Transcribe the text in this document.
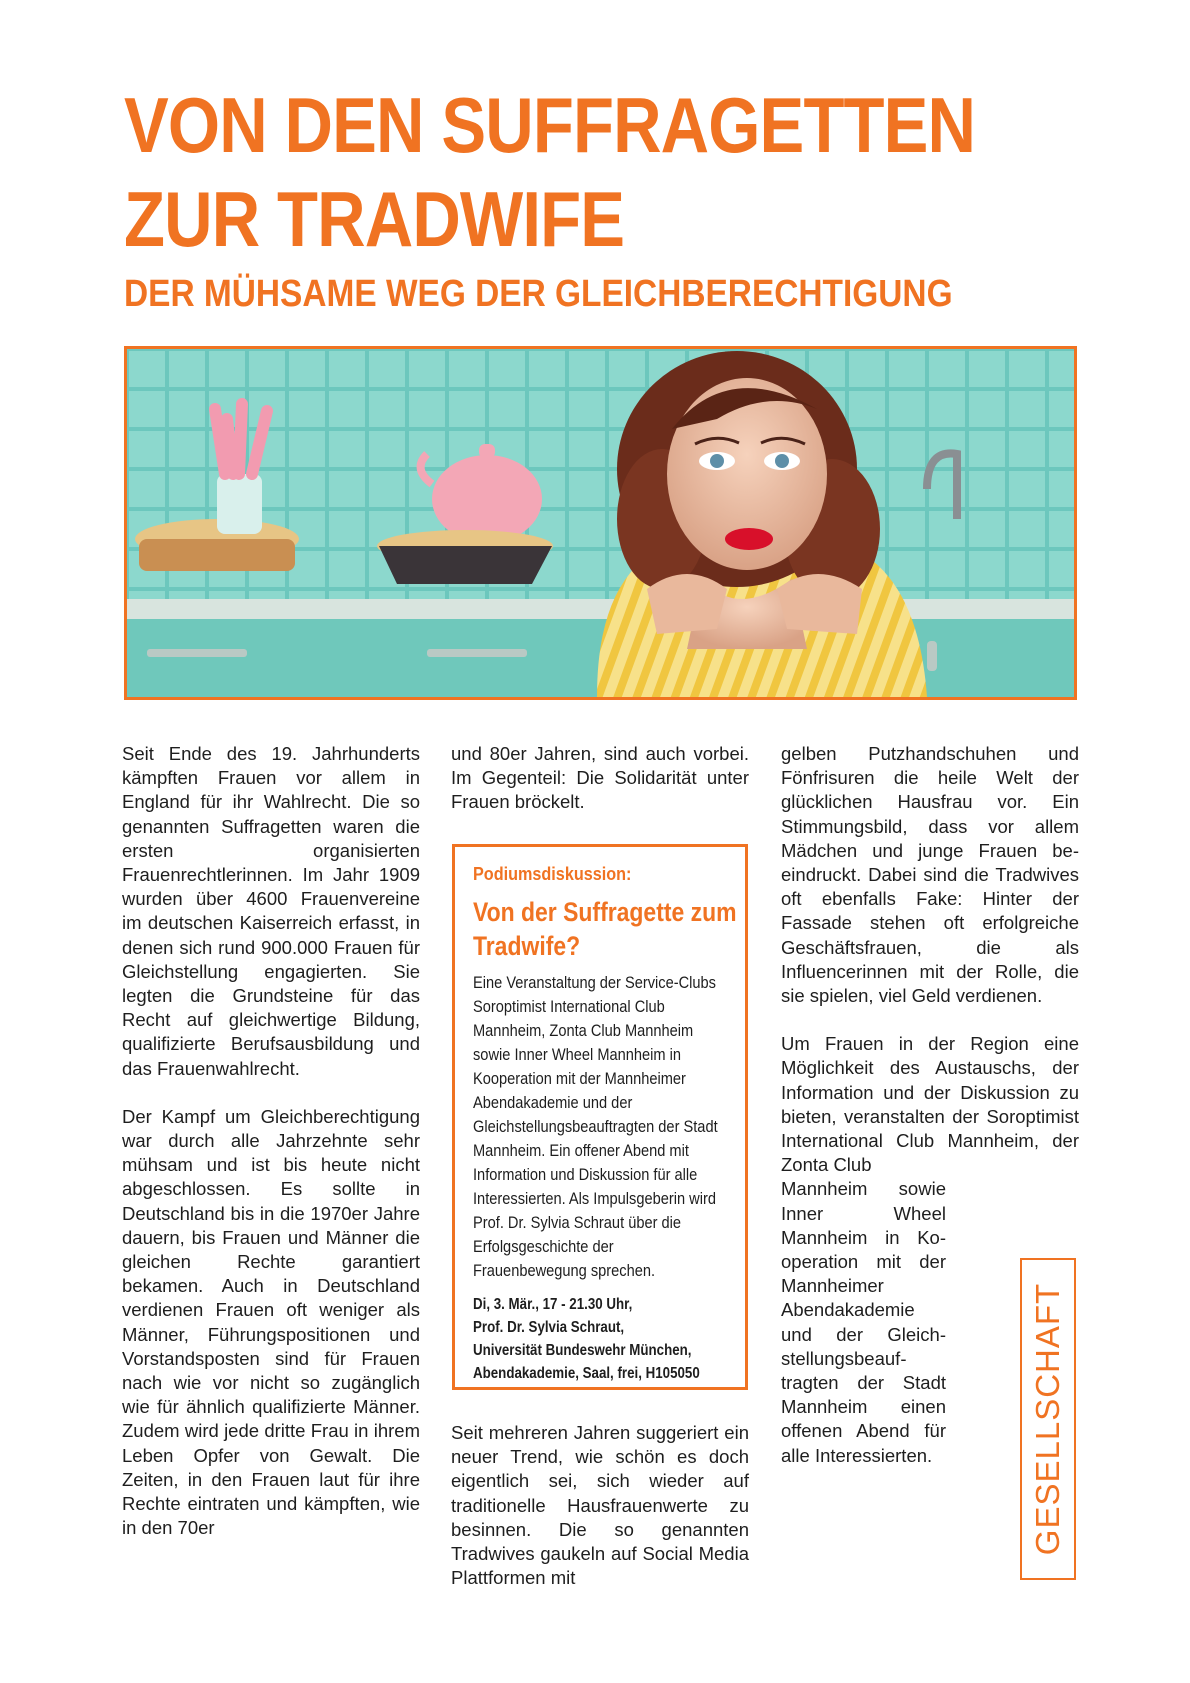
VON DEN SUFFRAGETTEN
ZUR TRADWIFE
DER MÜHSAME WEG DER GLEICHBERECHTIGUNG

Seit Ende des 19. Jahrhunderts kämpften Frauen vor allem in England für ihr Wahlrecht. Die so genannten Suffragetten waren die ersten organisierten Frauenrechtlerinnen. Im Jahr 1909 wurden über 4600 Frauenvereine im deutschen Kaiserreich erfasst, in denen sich rund 900.000 Frauen für Gleichstellung engagierten. Sie legten die Grundsteine für das Recht auf gleichwertige Bildung, qualifizierte Berufsausbildung und das Frauenwahlrecht.

Der Kampf um Gleichberechtigung war durch alle Jahrzehnte sehr mühsam und ist bis heute nicht abgeschlossen. Es sollte in Deutschland bis in die 1970er Jahre dauern, bis Frauen und Männer die gleichen Rechte garantiert bekamen. Auch in Deutschland verdienen Frauen oft weniger als Männer, Führungspositionen und Vorstandsposten sind für Frauen nach wie vor nicht so zugänglich wie für ähnlich qualifizierte Männer. Zudem wird jede dritte Frau in ihrem Leben Opfer von Gewalt. Die Zeiten, in den Frauen laut für ihre Rechte eintraten und kämpften, wie in den 70er

und 80er Jahren, sind auch vorbei. Im Gegenteil: Die Solidarität unter Frauen bröckelt.

Podiumsdiskussion:
Von der Suffragette zum Tradwife?
Eine Veranstaltung der Service-Clubs Soroptimist International Club Mannheim, Zonta Club Mannheim sowie Inner Wheel Mannheim in Kooperation mit der Mannheimer Abendakademie und der Gleichstellungsbeauftragten der Stadt Mannheim. Ein offener Abend mit Information und Diskussion für alle Interessierten. Als Impulsgeberin wird Prof. Dr. Sylvia Schraut über die Erfolgsgeschichte der Frauenbewegung sprechen.
Di, 3. Mär., 17 - 21.30 Uhr,
Prof. Dr. Sylvia Schraut,
Universität Bundeswehr München,
Abendakademie, Saal, frei, H105050

Seit mehreren Jahren suggeriert ein neuer Trend, wie schön es doch eigentlich sei, sich wieder auf traditionelle Hausfrauenwerte zu besinnen. Die so genannten Tradwives gaukeln auf Social Media Plattformen mit

gelben Putzhandschuhen und Fönfrisuren die heile Welt der glücklichen Hausfrau vor. Ein Stimmungsbild, dass vor allem Mädchen und junge Frauen beeindruckt. Dabei sind die Tradwives oft ebenfalls Fake: Hinter der Fassade stehen oft erfolgreiche Geschäftsfrauen, die als Influencerinnen mit der Rolle, die sie spielen, viel Geld verdienen.

Um Frauen in der Region eine Möglichkeit des Austauschs, der Information und der Diskussion zu bieten, veranstalten der Soroptimist International Club Mannheim, der Zonta Club

Mannheim sowie Inner Wheel Mannheim in Kooperation mit der Mannheimer Abendakademie und der Gleichstellungsbeauftragten der Stadt Mannheim einen offenen Abend für alle Interessierten.	GESELLSCHAFT
